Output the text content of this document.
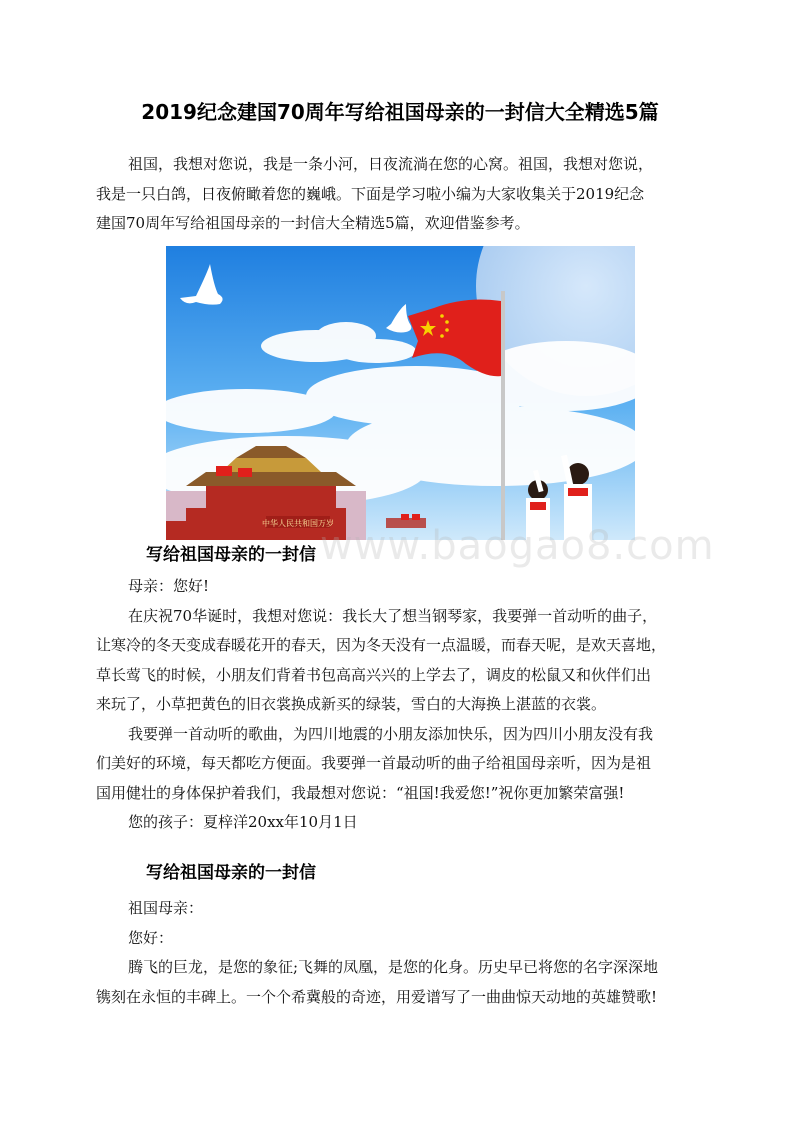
2019纪念建国70周年写给祖国母亲的一封信大全精选5篇

祖国，我想对您说，我是一条小河，日夜流淌在您的心窝。祖国，我想对您说，
我是一只白鸽，日夜俯瞰着您的巍峨。下面是学习啦小编为大家收集关于2019纪念
建国70周年写给祖国母亲的一封信大全精选5篇，欢迎借鉴参考。

中华人民共和国万岁
www.baogao8.com
写给祖国母亲的一封信

母亲：您好!
在庆祝70华诞时，我想对您说：我长大了想当钢琴家，我要弹一首动听的曲子，
让寒冷的冬天变成春暖花开的春天，因为冬天没有一点温暖，而春天呢，是欢天喜地，
草长莺飞的时候，小朋友们背着书包高高兴兴的上学去了，调皮的松鼠又和伙伴们出
来玩了，小草把黄色的旧衣裳换成新买的绿装，雪白的大海换上湛蓝的衣裳。
我要弹一首动听的歌曲，为四川地震的小朋友添加快乐，因为四川小朋友没有我
们美好的环境，每天都吃方便面。我要弹一首最动听的曲子给祖国母亲听，因为是祖
国用健壮的身体保护着我们，我最想对您说：“祖国!我爱您!”祝你更加繁荣富强!
您的孩子：夏梓洋20xx年10月1日

写给祖国母亲的一封信

祖国母亲：
您好：
腾飞的巨龙，是您的象征;飞舞的凤凰，是您的化身。历史早已将您的名字深深地
镌刻在永恒的丰碑上。一个个希冀般的奇迹，用爱谱写了一曲曲惊天动地的英雄赞歌!
